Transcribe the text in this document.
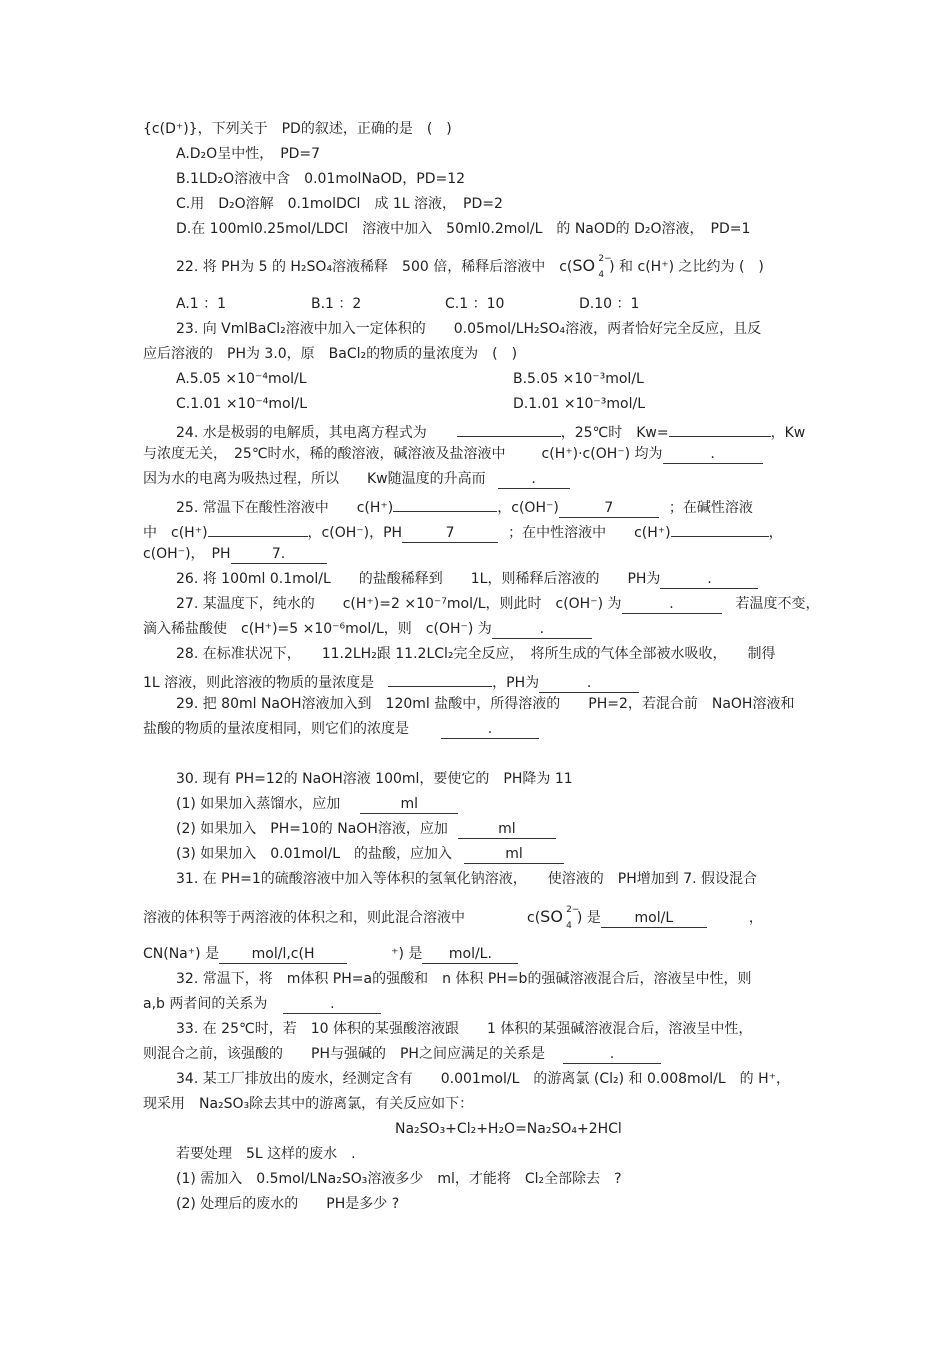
{c(D⁺)}，下列关于　PD的叙述，正确的是　(　)
A.D₂O呈中性，　PD=7
B.1LD₂O溶液中含　0.01molNaOD，PD=12
C.用　D₂O溶解　0.1molDCl　成 1L 溶液，　PD=2
D.在 100ml0.25mol/LDCl　溶液中加入　50ml0.2mol/L　的 NaOD的 D₂O溶液，　PD=1
22. 将 PH为 5 的 H₂SO₄溶液稀释　500 倍，稀释后溶液中　c(SO 2−
4 ) 和 c(H⁺) 之比约为 (　)
A.1 ：1	B.1 ：2	C.1 ：10	D.10 ：1
23. 向 VmlBaCl₂溶液中加入一定体积的　　0.05mol/LH₂SO₄溶液，两者恰好完全反应，且反
应后溶液的　PH为 3.0，原　BaCl₂的物质的量浓度为　(　)
A.5.05 ×10⁻⁴mol/L	B.5.05 ×10⁻³mol/L
C.1.01 ×10⁻⁴mol/L	D.1.01 ×10⁻³mol/L
24. 水是极弱的电解质，其电离方程式为	，25℃时　Kw=	，Kw
与浓度无关，　25℃时水，稀的酸溶液，碱溶液及盐溶液中	c(H⁺)·c(OH⁻) 均为	.
因为水的电离为吸热过程，所以　　Kw随温度的升高而	.
25. 常温下在酸性溶液中　　c(H⁺)	，c(OH⁻)	7	；在碱性溶液
中　c(H⁺)	，c(OH⁻)，PH	7	；在中性溶液中　　c(H⁺)	，
c(OH⁻)，　PH	7.
26. 将 100ml 0.1mol/L　　的盐酸稀释到　　1L，则稀释后溶液的　　PH为	.
27. 某温度下，纯水的　　c(H⁺)=2 ×10⁻⁷mol/L，则此时　c(OH⁻) 为	.	若温度不变，
滴入稀盐酸使　c(H⁺)=5 ×10⁻⁶mol/L，则　c(OH⁻) 为	.
28. 在标准状况下，　　11.2LH₂跟 11.2LCl₂完全反应，　将所生成的气体全部被水吸收，　　制得
1L 溶液，则此溶液的物质的量浓度是	，PH为	.
29. 把 80ml NaOH溶液加入到　120ml 盐酸中，所得溶液的　　PH=2，若混合前　NaOH溶液和
盐酸的物质的量浓度相同，则它们的浓度是	.
30. 现有 PH=12的 NaOH溶液 100ml，要使它的　PH降为 11
(1) 如果加入蒸馏水，应加	ml
(2) 如果加入　PH=10的 NaOH溶液，应加	ml
(3) 如果加入　0.01mol/L　的盐酸，应加入	ml
31. 在 PH=1的硫酸溶液中加入等体积的氢氧化钠溶液，　　使溶液的　PH增加到 7. 假设混合
溶液的体积等于两溶液的体积之和，则此混合溶液中	c(SO 2−
4 ) 是 mol/L	，
CN(Na⁺) 是 mol/l,c(H	⁺) 是 mol/L.
32. 常温下，将　m体积 PH=a的强酸和　n 体积 PH=b的强碱溶液混合后，溶液呈中性，则
a,b 两者间的关系为	.
33. 在 25℃时，若　10 体积的某强酸溶液跟　　1 体积的某强碱溶液混合后，溶液呈中性，
则混合之前，该强酸的　　PH与强碱的　PH之间应满足的关系是	.
34. 某工厂排放出的废水，经测定含有　　0.001mol/L　的游离氯 (Cl₂) 和 0.008mol/L　的 H⁺，
现采用　Na₂SO₃除去其中的游离氯，有关反应如下：
Na₂SO₃+Cl₂+H₂O=Na₂SO₄+2HCl
若要处理　5L 这样的废水　.
(1) 需加入　0.5mol/LNa₂SO₃溶液多少　ml，才能将　Cl₂全部除去　?
(2) 处理后的废水的　　PH是多少 ?
